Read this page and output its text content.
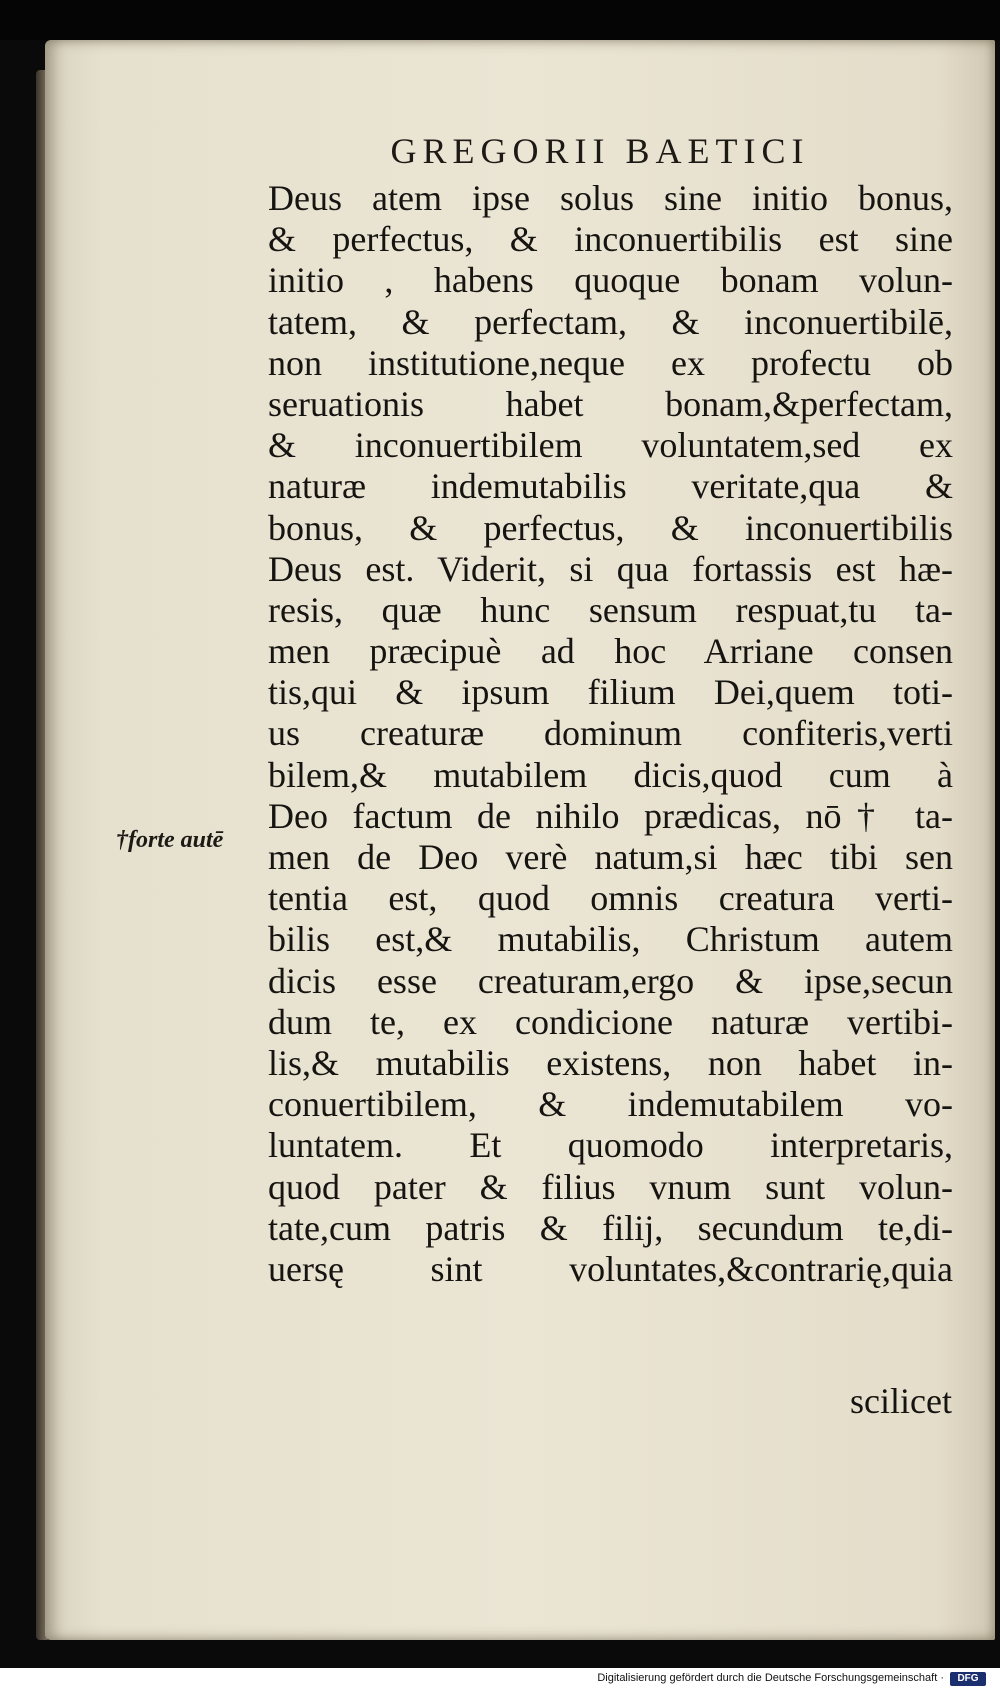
GREGORII BAETICI
†forte autē
Deus atem ipse solus sine initio bonus,
& perfectus, & inconuertibilis est sine
initio , habens quoque bonam volun-
tatem, & perfectam, & inconuertibilē,
non institutione,neque ex profectu ob
seruationis habet bonam,&perfectam,
& inconuertibilem voluntatem,sed ex
naturæ indemutabilis veritate,qua &
bonus, & perfectus, & inconuertibilis
Deus est. Viderit, si qua fortassis est hæ-
resis, quæ hunc sensum respuat,tu ta-
men præcipuè ad hoc Arriane consen
tis,qui & ipsum filium Dei,quem toti-
us creaturæ dominum confiteris,verti
bilem,& mutabilem dicis,quod cum à
Deo factum de nihilo prædicas, nō† ta-
men de Deo verè natum,si hæc tibi sen
tentia est, quod omnis creatura verti-
bilis est,& mutabilis, Christum autem
dicis esse creaturam,ergo & ipse,secun
dum te, ex condicione naturæ vertibi-
lis,& mutabilis existens, non habet in-
conuertibilem, & indemutabilem vo-
luntatem. Et quomodo interpretaris,
quod pater & filius vnum sunt volun-
tate,cum patris & filij, secundum te,di-
uersę sint voluntates,&contrarię,quia
scilicet
Digitalisierung gefördert durch die Deutsche Forschungsgemeinschaft ·	DFG
